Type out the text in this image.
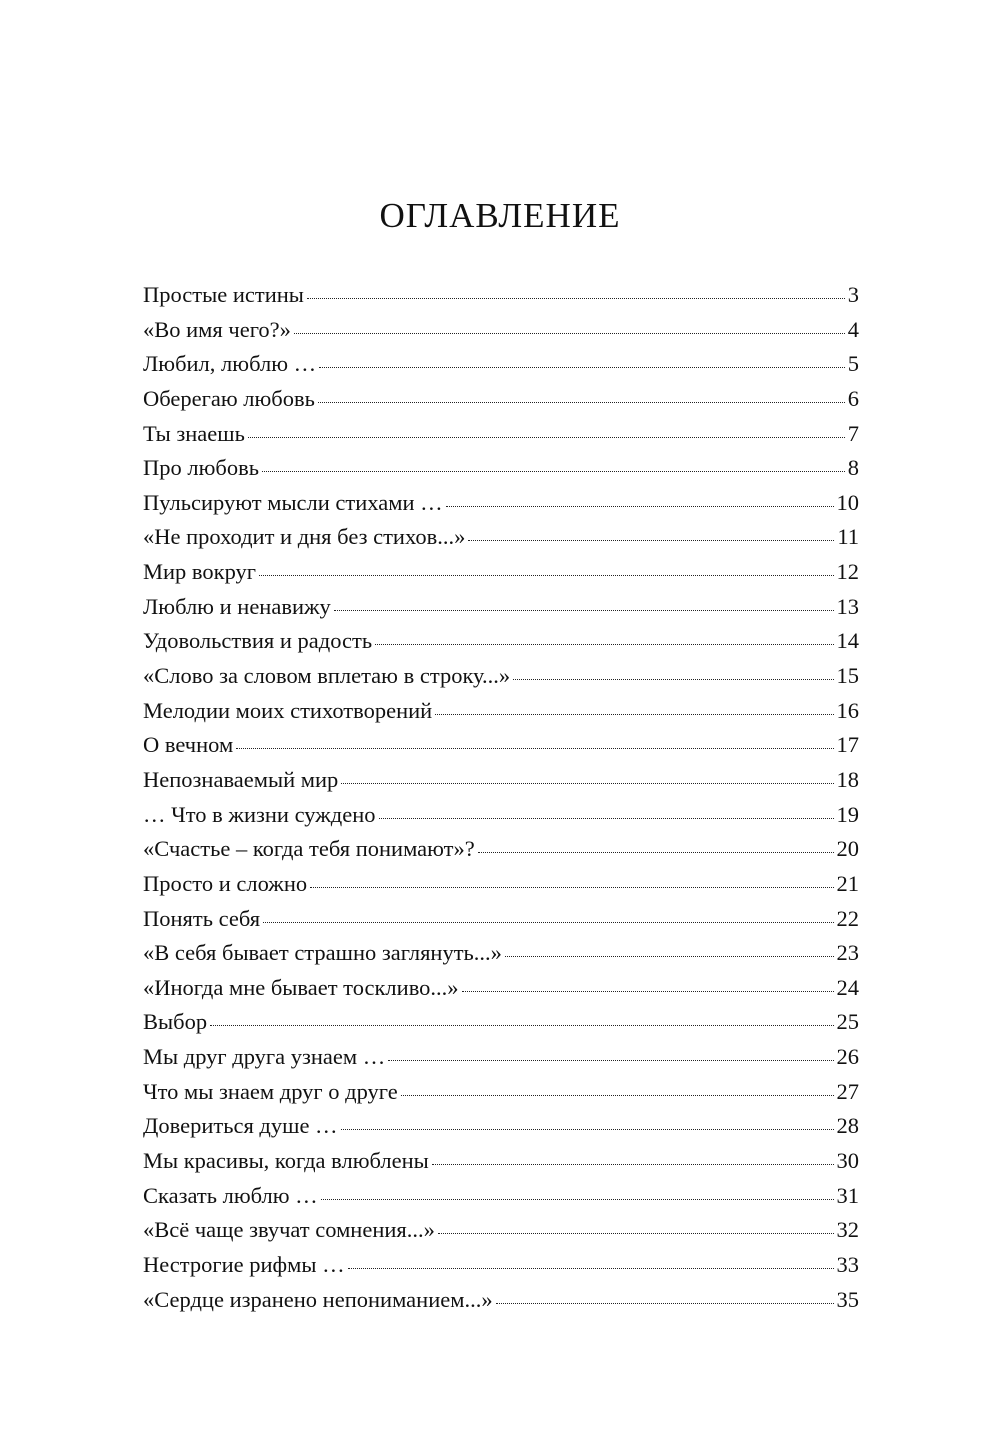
ОГЛАВЛЕНИЕ
Простые истины	3
«Во имя чего?»	4
Любил, люблю …	5
Оберегаю любовь	6
Ты знаешь	7
Про любовь	8
Пульсируют мысли стихами …	10
«Не проходит и дня без стихов...»	11
Мир вокруг	12
Люблю и ненавижу	13
Удовольствия и радость	14
«Слово за словом вплетаю в строку...»	15
Мелодии моих стихотворений	16
О вечном	17
Непознаваемый мир	18
… Что в жизни суждено	19
«Счастье – когда тебя понимают»?	20
Просто и сложно	21
Понять себя	22
«В себя бывает страшно заглянуть...»	23
«Иногда мне бывает тоскливо...»	24
Выбор	25
Мы друг друга узнаем …	26
Что мы знаем друг о друге	27
Довериться душе …	28
Мы красивы, когда влюблены	30
Сказать люблю …	31
«Всё чаще звучат сомнения...»	32
Нестрогие рифмы …	33
«Сердце изранено непониманием...»	35
